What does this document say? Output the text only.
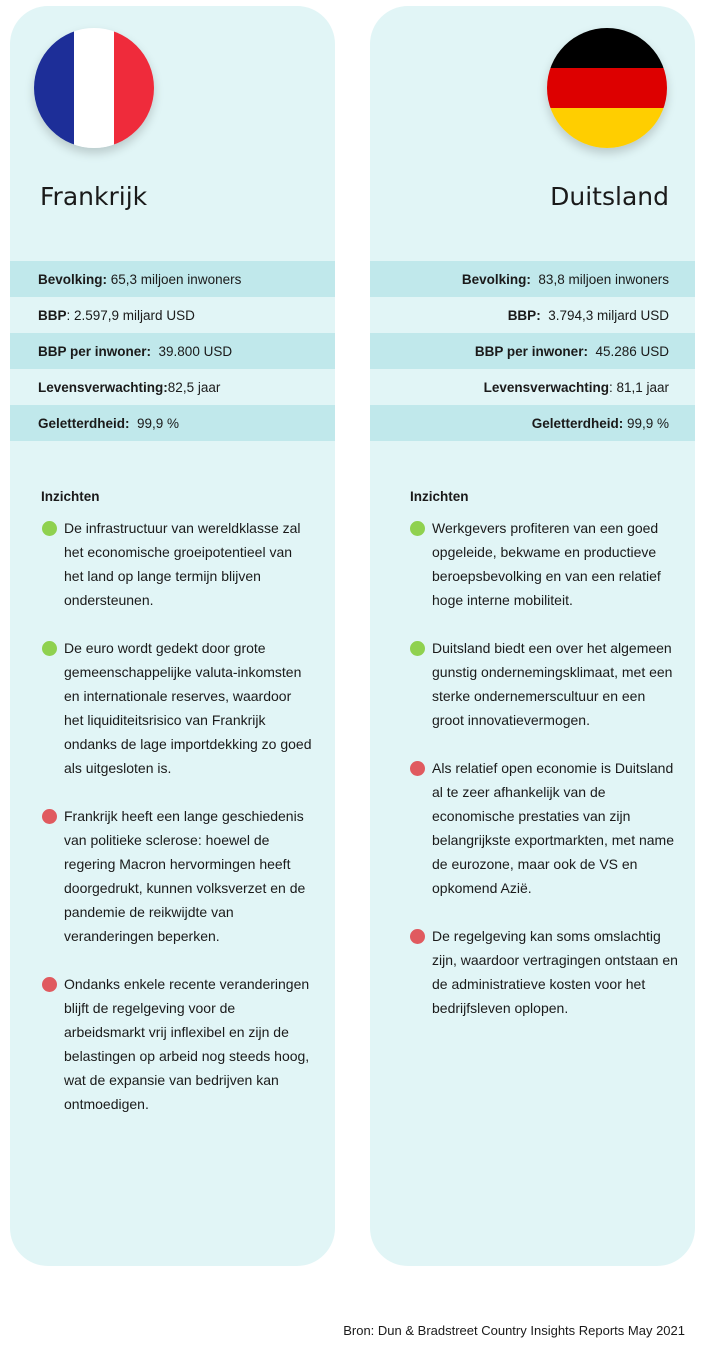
Frankrijk
Bevolking: 65,3 miljoen inwoners
BBP : 2.597,9 miljard USD
BBP per inwoner: 39.800 USD
Levensverwachting: 82,5 jaar
Geletterdheid: 99,9 %
Inzichten
De infrastructuur van wereldklasse zal het economische groeipotentieel van het land op lange termijn blijven ondersteunen.
De euro wordt gedekt door grote gemeenschappelijke valuta-inkomsten en internationale reserves, waardoor het liquiditeitsrisico van Frankrijk ondanks de lage importdekking zo goed als uitgesloten is.
Frankrijk heeft een lange geschiedenis van politieke sclerose: hoewel de regering Macron hervormingen heeft doorgedrukt, kunnen volksverzet en de pandemie de reikwijdte van veranderingen beperken.
Ondanks enkele recente veranderingen blijft de regelgeving voor de arbeidsmarkt vrij inflexibel en zijn de belastingen op arbeid nog steeds hoog, wat de expansie van bedrijven kan ontmoedigen.
Duitsland
Bevolking: 83,8 miljoen inwoners
BBP: 3.794,3 miljard USD
BBP per inwoner: 45.286 USD
Levensverwachting : 81,1 jaar
Geletterdheid: 99,9 %
Inzichten
Werkgevers profiteren van een goed opgeleide, bekwame en productieve beroepsbevolking en van een relatief hoge interne mobiliteit.
Duitsland biedt een over het algemeen gunstig ondernemingsklimaat, met een sterke ondernemerscultuur en een groot innovatievermogen.
Als relatief open economie is Duitsland al te zeer afhankelijk van de economische prestaties van zijn belangrijkste exportmarkten, met name de eurozone, maar ook de VS en opkomend Azië.
De regelgeving kan soms omslachtig zijn, waardoor vertragingen ontstaan en de administratieve kosten voor het bedrijfsleven oplopen.
Bron: Dun & Bradstreet Country Insights Reports May 2021
